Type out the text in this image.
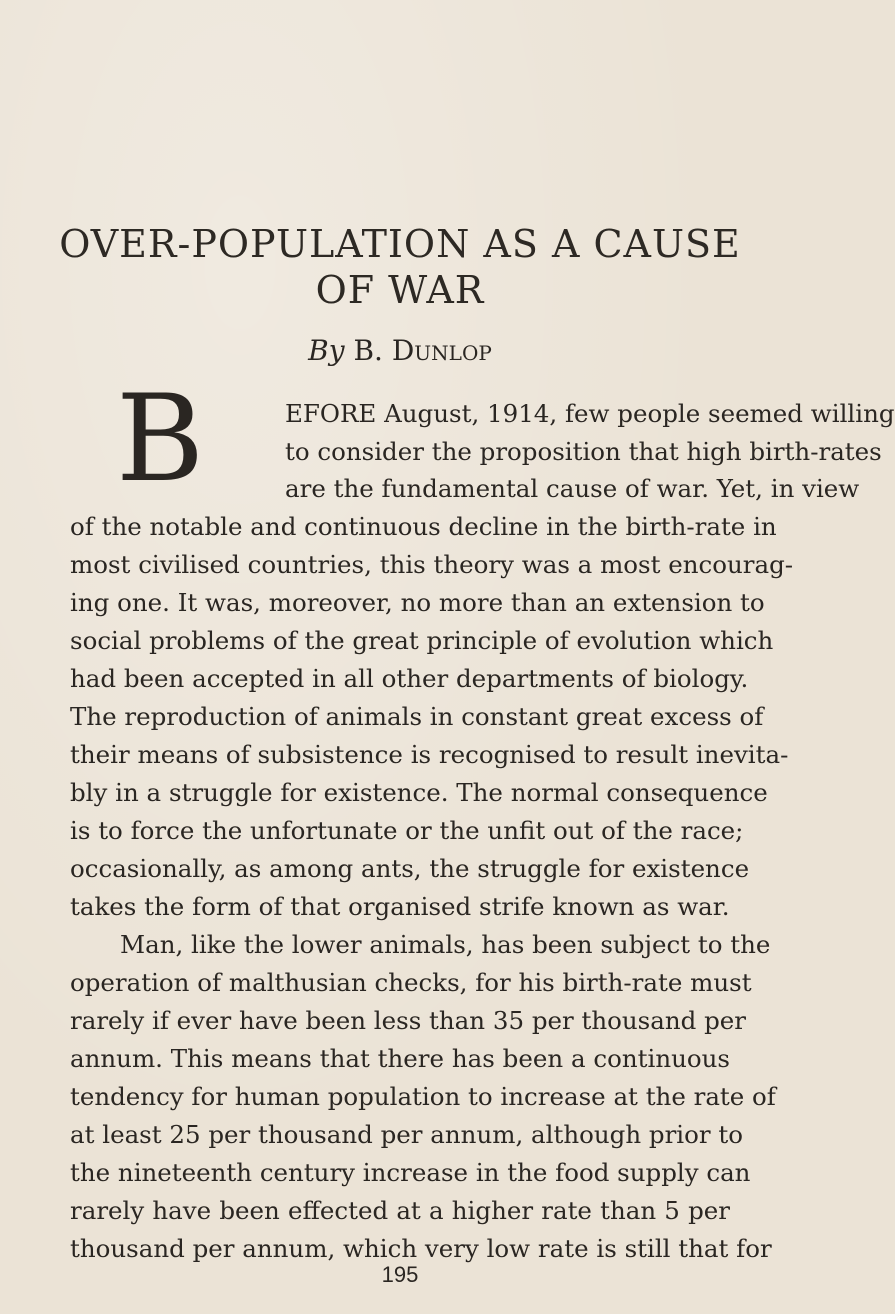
OVER-POPULATION AS A CAUSE
OF WAR
By B. Dunlop
B	EFORE August, 1914, few people seemed willing
to consider the proposition that high birth-rates
are the fundamental cause of war. Yet, in view
of the notable and continuous decline in the birth-rate in
most civilised countries, this theory was a most encourag-
ing one. It was, moreover, no more than an extension to
social problems of the great principle of evolution which
had been accepted in all other departments of biology.
The reproduction of animals in constant great excess of
their means of subsistence is recognised to result inevita-
bly in a struggle for existence. The normal consequence
is to force the unfortunate or the unfit out of the race;
occasionally, as among ants, the struggle for existence
takes the form of that organised strife known as war.
Man, like the lower animals, has been subject to the
operation of malthusian checks, for his birth-rate must
rarely if ever have been less than 35 per thousand per
annum. This means that there has been a continuous
tendency for human population to increase at the rate of
at least 25 per thousand per annum, although prior to
the nineteenth century increase in the food supply can
rarely have been effected at a higher rate than 5 per
thousand per annum, which very low rate is still that for
195
